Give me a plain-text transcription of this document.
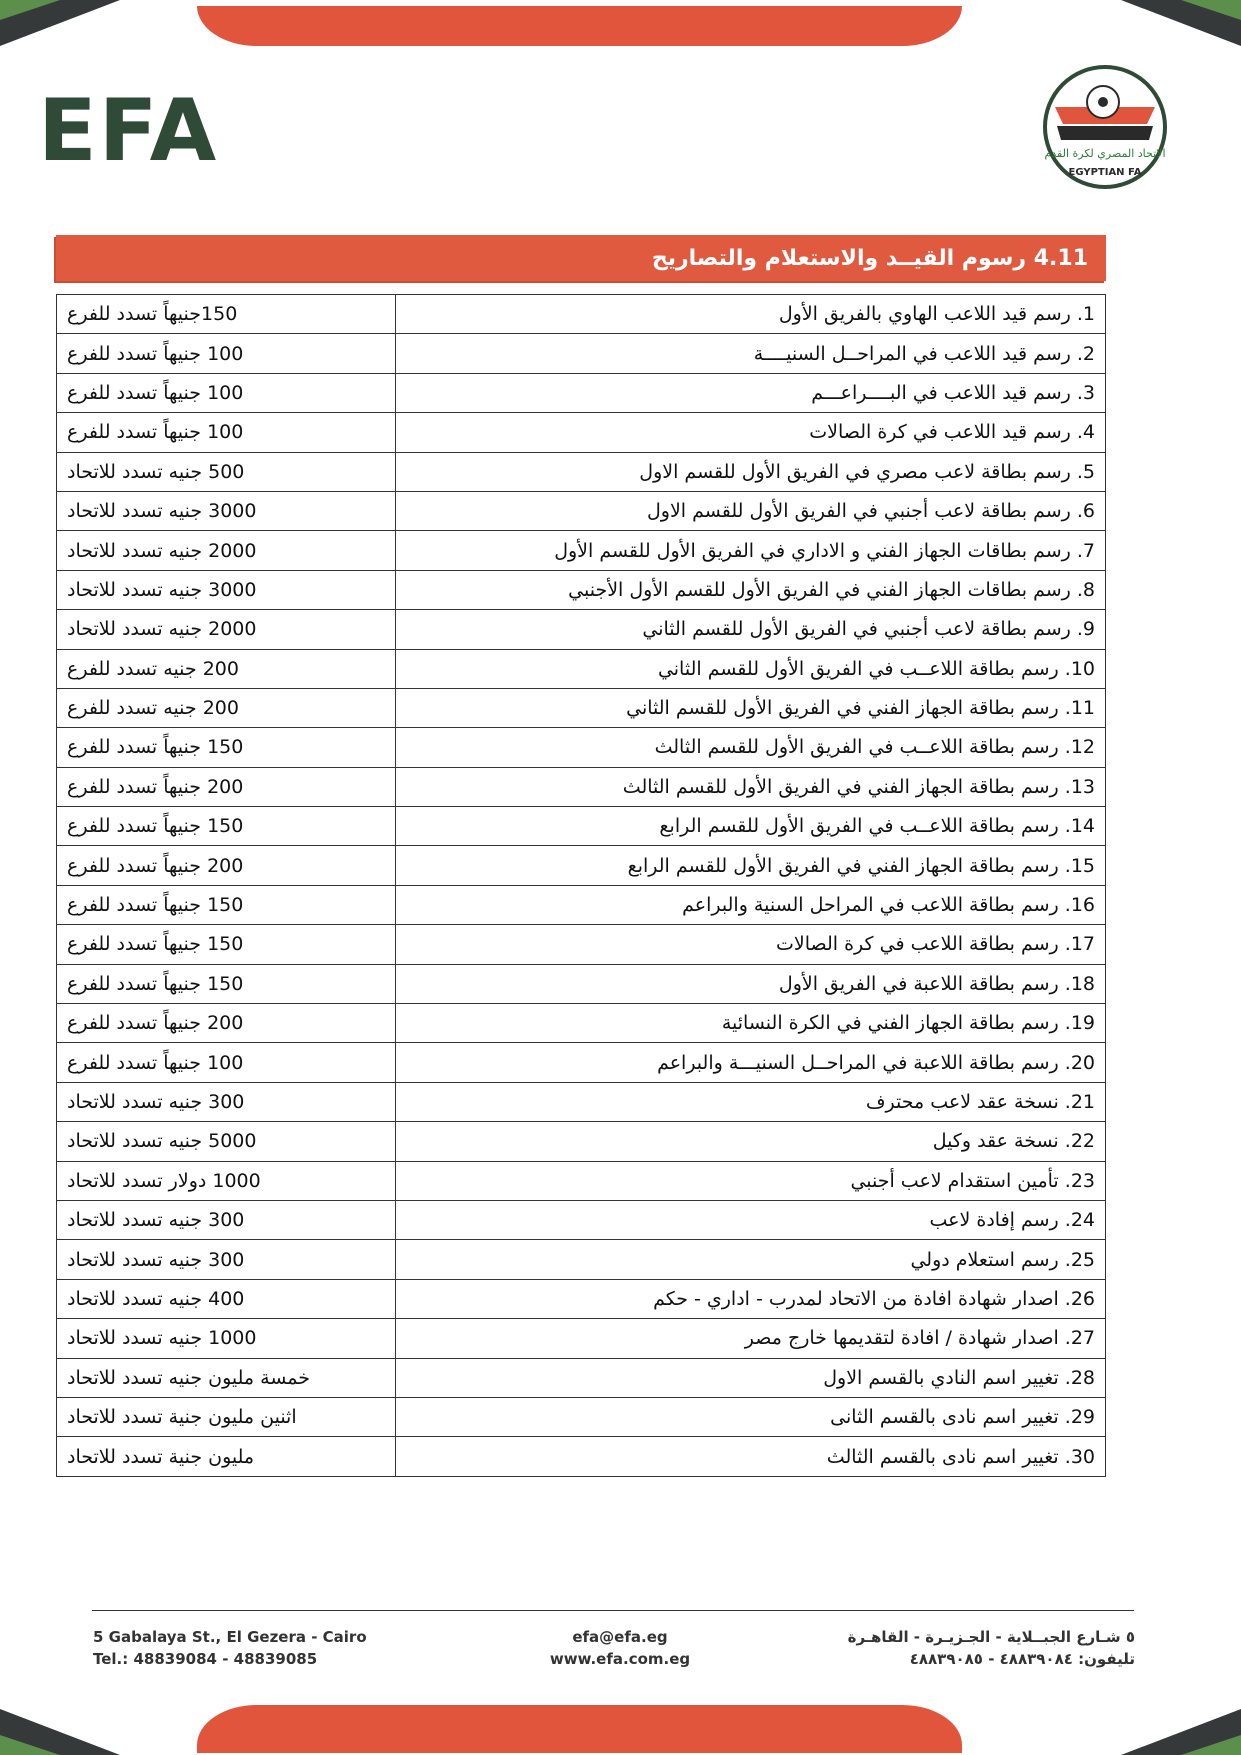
EFA	الاتحاد المصري لكرة القدم
EGYPTIAN FA
4.11 رسوم القيــد والاستعلام والتصاريح
150جنيهاً تسدد للفرع	1. رسم قيد اللاعب الهاوي بالفريق الأول
100 جنيهاً تسدد للفرع	2. رسم قيد اللاعب في المراحــل السنيــــة
100 جنيهاً تسدد للفرع	3. رسم قيد اللاعب في البــــراعـــم
100 جنيهاً تسدد للفرع	4. رسم قيد اللاعب في كرة الصالات
500 جنيه تسدد للاتحاد	5. رسم بطاقة لاعب مصري في الفريق الأول للقسم الاول
3000 جنيه تسدد للاتحاد	6. رسم بطاقة لاعب أجنبي في الفريق الأول للقسم الاول
2000 جنيه تسدد للاتحاد	7. رسم بطاقات الجهاز الفني و الاداري في الفريق الأول للقسم الأول
3000 جنيه تسدد للاتحاد	8. رسم بطاقات الجهاز الفني في الفريق الأول للقسم الأول الأجنبي
2000 جنيه تسدد للاتحاد	9. رسم بطاقة لاعب أجنبي في الفريق الأول للقسم الثاني
200 جنيه تسدد للفرع	10. رسم بطاقة اللاعــب في الفريق الأول للقسم الثاني
200 جنيه تسدد للفرع	11. رسم بطاقة الجهاز الفني في الفريق الأول للقسم الثاني
150 جنيهاً تسدد للفرع	12. رسم بطاقة اللاعــب في الفريق الأول للقسم الثالث
200 جنيهاً تسدد للفرع	13. رسم بطاقة الجهاز الفني في الفريق الأول للقسم الثالث
150 جنيهاً تسدد للفرع	14. رسم بطاقة اللاعــب في الفريق الأول للقسم الرابع
200 جنيهاً تسدد للفرع	15. رسم بطاقة الجهاز الفني في الفريق الأول للقسم الرابع
150 جنيهاً تسدد للفرع	16. رسم بطاقة اللاعب في المراحل السنية والبراعم
150 جنيهاً تسدد للفرع	17. رسم بطاقة اللاعب في كرة الصالات
150 جنيهاً تسدد للفرع	18. رسم بطاقة اللاعبة في الفريق الأول
200 جنيهاً تسدد للفرع	19. رسم بطاقة الجهاز الفني في الكرة النسائية
100 جنيهاً تسدد للفرع	20. رسم بطاقة اللاعبة في المراحــل السنيـــة والبراعم
300 جنيه تسدد للاتحاد	21. نسخة عقد لاعب محترف
5000 جنيه تسدد للاتحاد	22. نسخة عقد وكيل
1000 دولار تسدد للاتحاد	23. تأمين استقدام لاعب أجنبي
300 جنيه تسدد للاتحاد	24. رسم إفادة لاعب
300 جنيه تسدد للاتحاد	25. رسم استعلام دولي
400 جنيه تسدد للاتحاد	26. اصدار شهادة افادة من الاتحاد لمدرب - اداري - حكم
1000 جنيه تسدد للاتحاد	27. اصدار شهادة / افادة لتقديمها خارج مصر
خمسة مليون جنيه تسدد للاتحاد	28. تغيير اسم النادي بالقسم الاول
اثنين مليون جنية تسدد للاتحاد	29. تغيير اسم نادى بالقسم الثانى
مليون جنية تسدد للاتحاد	30. تغيير اسم نادى بالقسم الثالث
5 Gabalaya St., El Gezera - Cairo
Tel.: 48839084 - 48839085
efa@efa.eg
www.efa.com.eg
٥ شـارع الجبــلاية - الجـزيـرة - القاهـرة
تليفون: ٤٨٨٣٩٠٨٤ - ٤٨٨٣٩٠٨٥
